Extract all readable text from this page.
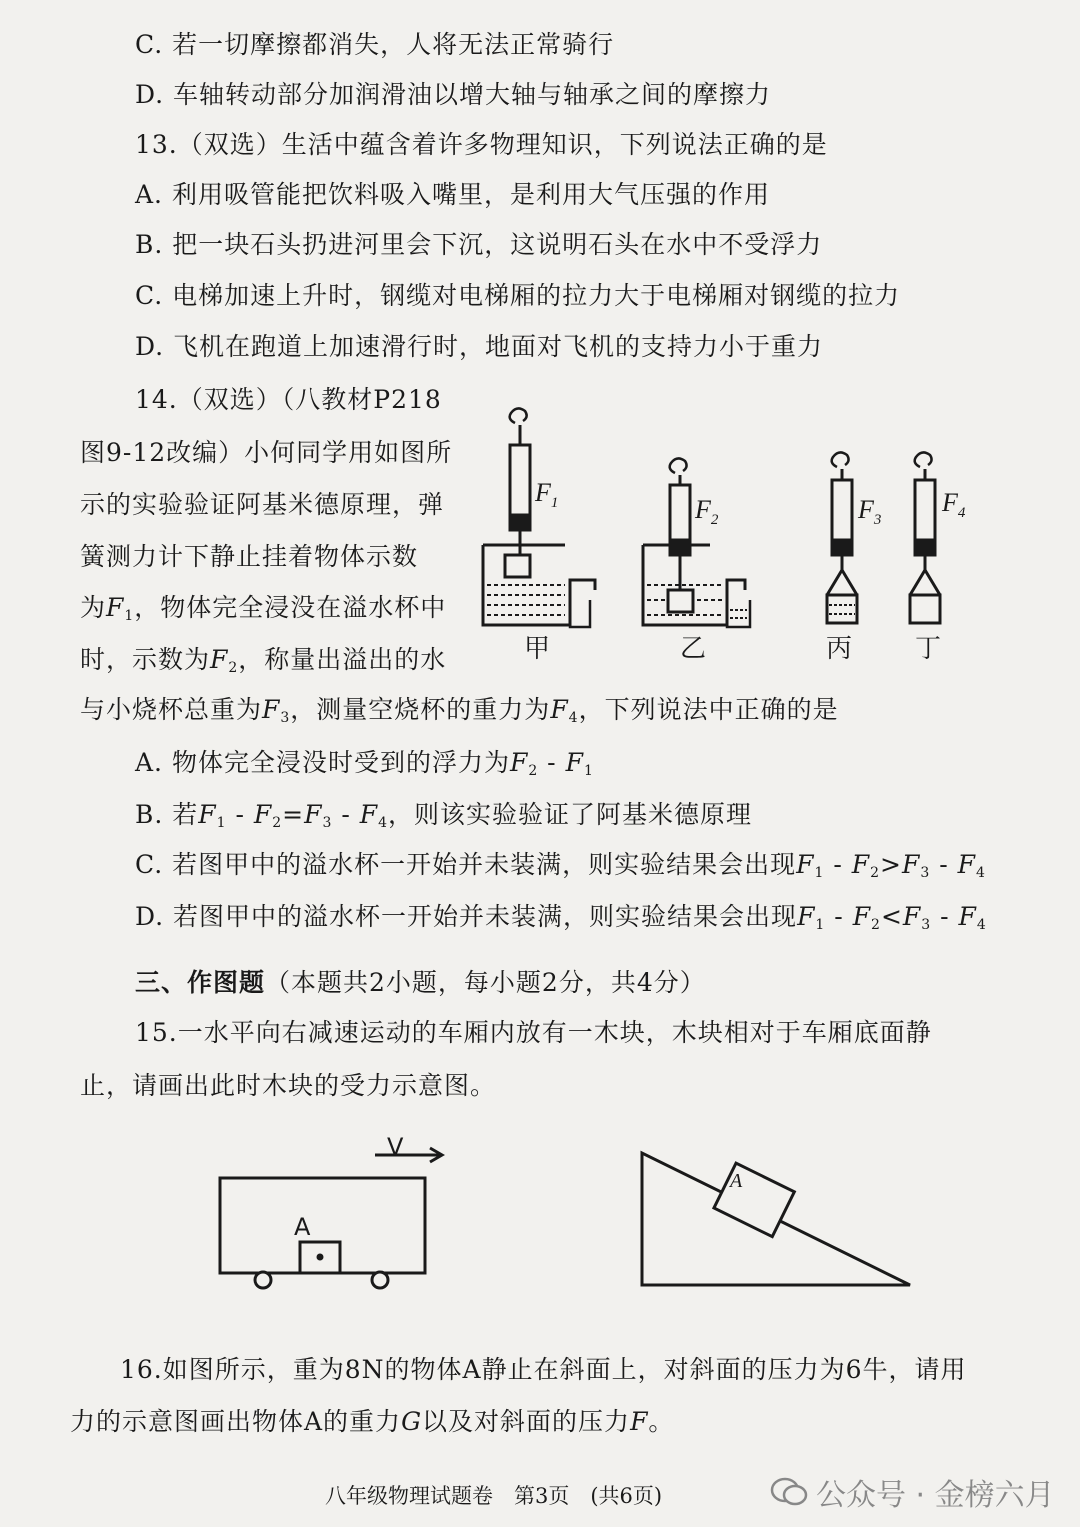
C. 若一切摩擦都消失，人将无法正常骑行
D. 车轴转动部分加润滑油以增大轴与轴承之间的摩擦力
13.（双选）生活中蕴含着许多物理知识，下列说法正确的是
A. 利用吸管能把饮料吸入嘴里，是利用大气压强的作用
B. 把一块石头扔进河里会下沉，这说明石头在水中不受浮力
C. 电梯加速上升时，钢缆对电梯厢的拉力大于电梯厢对钢缆的拉力
D. 飞机在跑道上加速滑行时，地面对飞机的支持力小于重力
14.（双选）（八教材P218
图9-12改编）小何同学用如图所
示的实验验证阿基米德原理，弹
簧测力计下静止挂着物体示数
为$F_1$，物体完全浸没在溢水杯中
时，示数为$F_2$，称量出溢出的水
与小烧杯总重为$F_3$，测量空烧杯的重力为$F_4$，下列说法中正确的是
A. 物体完全浸没时受到的浮力为$F_2 - F_1$
B. 若$F_1 - F_2=F_3 - F_4$，则该实验验证了阿基米德原理
C. 若图甲中的溢水杯一开始并未装满，则实验结果会出现$F_1 - F_2>F_3 - F_4$
D. 若图甲中的溢水杯一开始并未装满，则实验结果会出现$F_1 - F_2<F_3 - F_4$
$F_1$	$F_2$	$F_3$
$F_4$
甲	乙	丙 丁
三、作图题（本题共2小题，每小题2分，共4分）
15.一水平向右减速运动的车厢内放有一木块，木块相对于车厢底面静
止，请画出此时木块的受力示意图。
V
A
A
16.如图所示，重为8N的物体A静止在斜面上，对斜面的压力为6牛，请用
力的示意图画出物体A的重力G以及对斜面的压力F。
八年级物理试题卷　第3页　(共6页)	公众号 · 金榜六月
